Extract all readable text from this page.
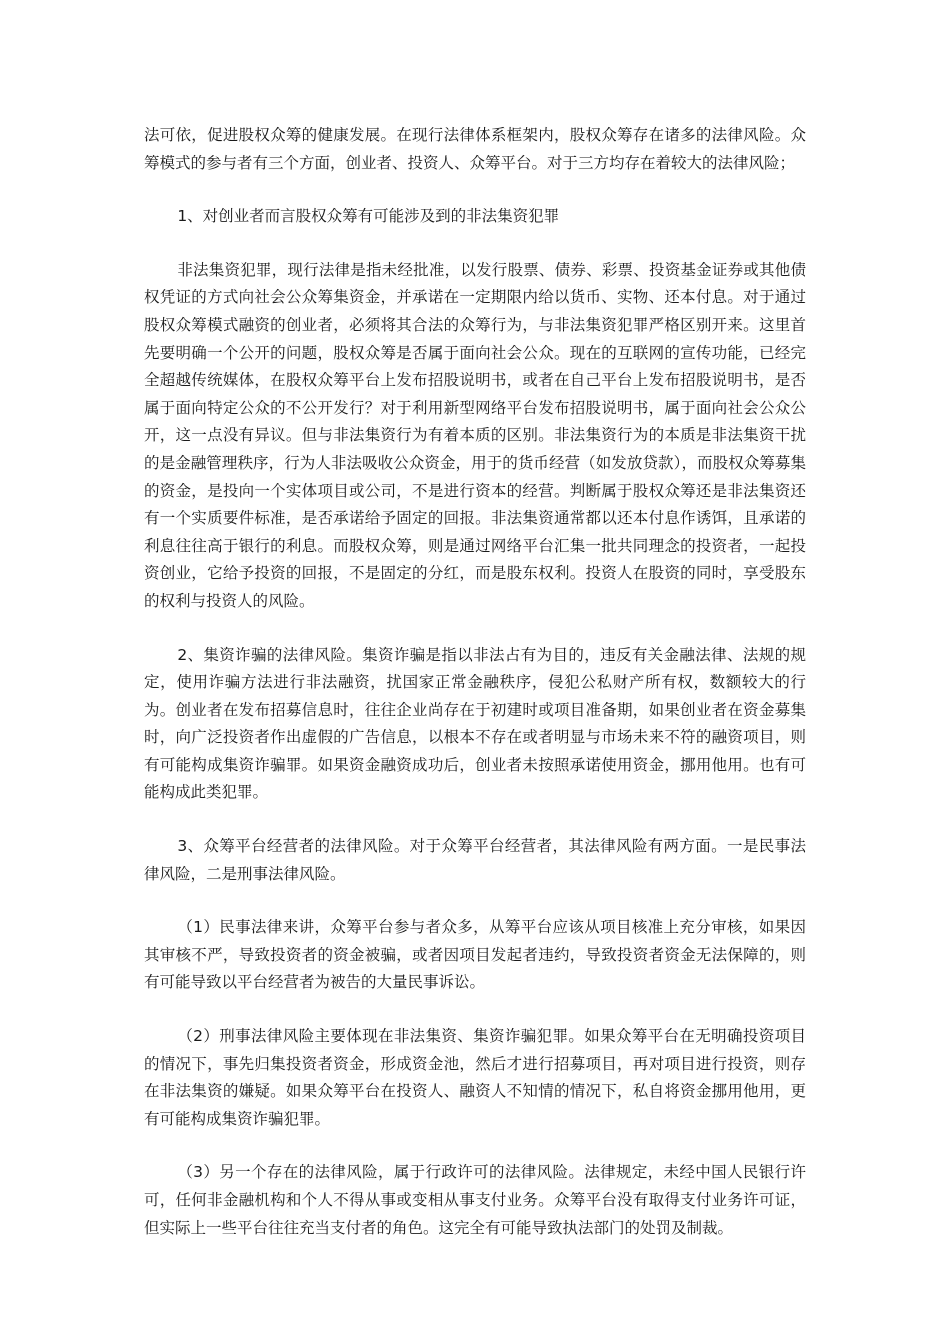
法可依，促进股权众筹的健康发展。在现行法律体系框架内，股权众筹存在诸多的法律风险。众筹模式的参与者有三个方面，创业者、投资人、众筹平台。对于三方均存在着较大的法律风险；

1、对创业者而言股权众筹有可能涉及到的非法集资犯罪

非法集资犯罪，现行法律是指未经批准，以发行股票、债券、彩票、投资基金证券或其他债权凭证的方式向社会公众筹集资金，并承诺在一定期限内给以货币、实物、还本付息。对于通过股权众筹模式融资的创业者，必须将其合法的众筹行为，与非法集资犯罪严格区别开来。这里首先要明确一个公开的问题，股权众筹是否属于面向社会公众。现在的互联网的宣传功能，已经完全超越传统媒体，在股权众筹平台上发布招股说明书，或者在自己平台上发布招股说明书，是否属于面向特定公众的不公开发行？对于利用新型网络平台发布招股说明书，属于面向社会公众公开，这一点没有异议。但与非法集资行为有着本质的区别。非法集资行为的本质是非法集资干扰的是金融管理秩序，行为人非法吸收公众资金，用于的货币经营（如发放贷款），而股权众筹募集的资金，是投向一个实体项目或公司，不是进行资本的经营。判断属于股权众筹还是非法集资还有一个实质要件标准，是否承诺给予固定的回报。非法集资通常都以还本付息作诱饵，且承诺的利息往往高于银行的利息。而股权众筹，则是通过网络平台汇集一批共同理念的投资者，一起投资创业，它给予投资的回报，不是固定的分红，而是股东权利。投资人在股资的同时，享受股东的权利与投资人的风险。

2、集资诈骗的法律风险。集资诈骗是指以非法占有为目的，违反有关金融法律、法规的规定，使用诈骗方法进行非法融资，扰国家正常金融秩序，侵犯公私财产所有权，数额较大的行为。创业者在发布招募信息时，往往企业尚存在于初建时或项目准备期，如果创业者在资金募集时，向广泛投资者作出虚假的广告信息，以根本不存在或者明显与市场未来不符的融资项目，则有可能构成集资诈骗罪。如果资金融资成功后，创业者未按照承诺使用资金，挪用他用。也有可能构成此类犯罪。

3、众筹平台经营者的法律风险。对于众筹平台经营者，其法律风险有两方面。一是民事法律风险，二是刑事法律风险。

（1）民事法律来讲，众筹平台参与者众多，从筹平台应该从项目核准上充分审核，如果因其审核不严，导致投资者的资金被骗，或者因项目发起者违约，导致投资者资金无法保障的，则有可能导致以平台经营者为被告的大量民事诉讼。

（2）刑事法律风险主要体现在非法集资、集资诈骗犯罪。如果众筹平台在无明确投资项目的情况下，事先归集投资者资金，形成资金池，然后才进行招募项目，再对项目进行投资，则存在非法集资的嫌疑。如果众筹平台在投资人、融资人不知情的情况下，私自将资金挪用他用，更有可能构成集资诈骗犯罪。

（3）另一个存在的法律风险，属于行政许可的法律风险。法律规定，未经中国人民银行许可，任何非金融机构和个人不得从事或变相从事支付业务。众筹平台没有取得支付业务许可证，但实际上一些平台往往充当支付者的角色。这完全有可能导致执法部门的处罚及制裁。
